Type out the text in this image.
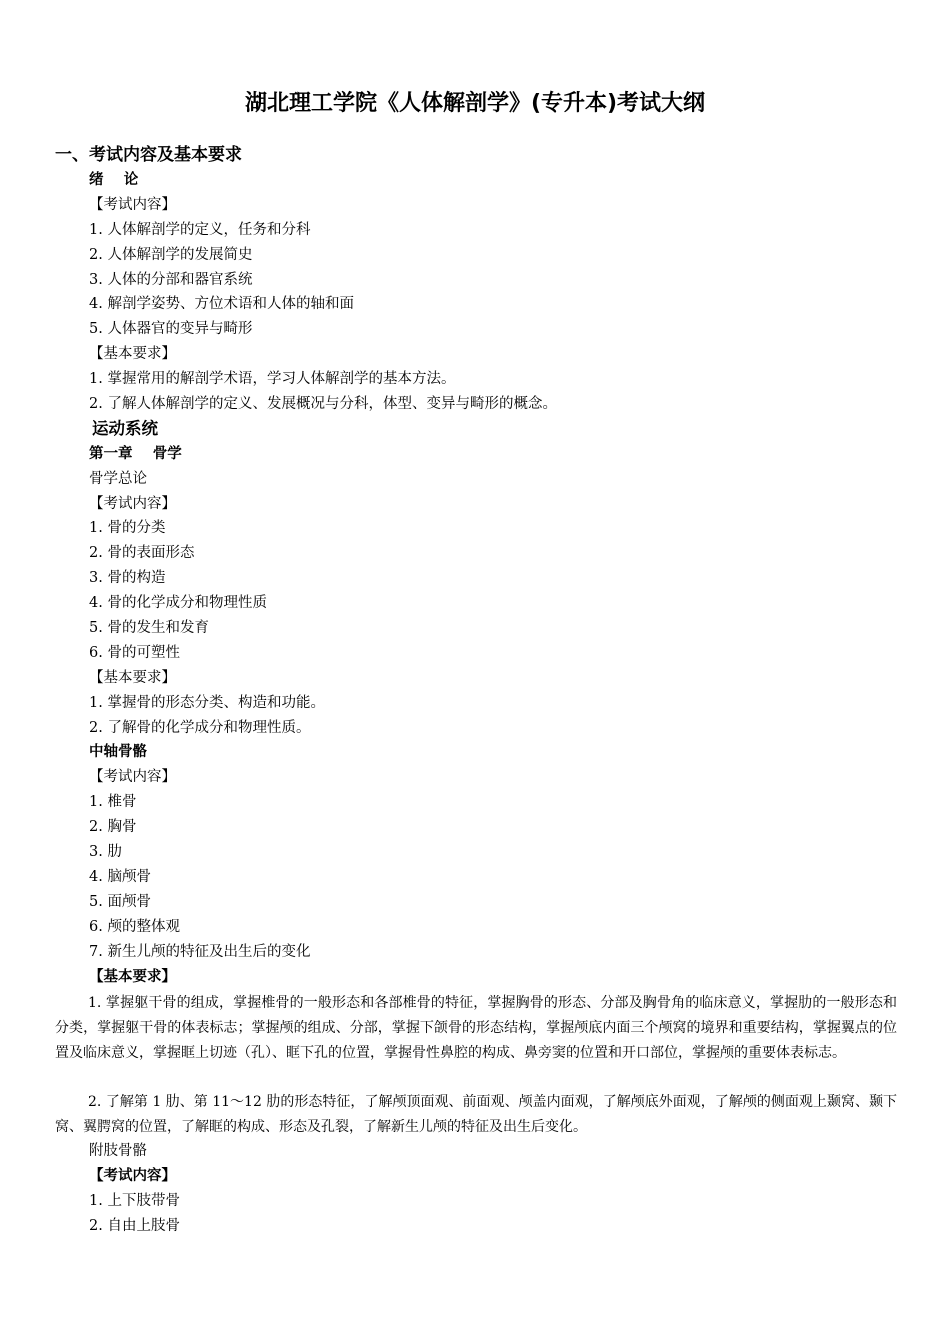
湖北理工学院《人体解剖学》(专升本)考试大纲
一、考试内容及基本要求
绪    论
【考试内容】
1. 人体解剖学的定义，任务和分科
2. 人体解剖学的发展简史
3. 人体的分部和器官系统
4. 解剖学姿势、方位术语和人体的轴和面
5. 人体器官的变异与畸形
【基本要求】
1. 掌握常用的解剖学术语，学习人体解剖学的基本方法。
2. 了解人体解剖学的定义、发展概况与分科，体型、变异与畸形的概念。
运动系统
第一章    骨学
骨学总论
【考试内容】
1. 骨的分类
2. 骨的表面形态
3. 骨的构造
4. 骨的化学成分和物理性质
5. 骨的发生和发育
6. 骨的可塑性
【基本要求】
1. 掌握骨的形态分类、构造和功能。
2. 了解骨的化学成分和物理性质。
中轴骨骼
【考试内容】
1. 椎骨
2. 胸骨
3. 肋
4. 脑颅骨
5. 面颅骨
6. 颅的整体观
7. 新生儿颅的特征及出生后的变化
【基本要求】
1. 掌握躯干骨的组成，掌握椎骨的一般形态和各部椎骨的特征，掌握胸骨的形态、分部及胸骨角的临床意义，掌握肋的一般形态和分类，掌握躯干骨的体表标志；掌握颅的组成、分部，掌握下颌骨的形态结构，掌握颅底内面三个颅窝的境界和重要结构，掌握翼点的位置及临床意义，掌握眶上切迹（孔）、眶下孔的位置，掌握骨性鼻腔的构成、鼻旁窦的位置和开口部位，掌握颅的重要体表标志。
2. 了解第 1 肋、第 11～12 肋的形态特征，了解颅顶面观、前面观、颅盖内面观，了解颅底外面观，了解颅的侧面观上颞窝、颞下窝、翼腭窝的位置，了解眶的构成、形态及孔裂，了解新生儿颅的特征及出生后变化。
附肢骨骼
【考试内容】
1. 上下肢带骨
2. 自由上肢骨
